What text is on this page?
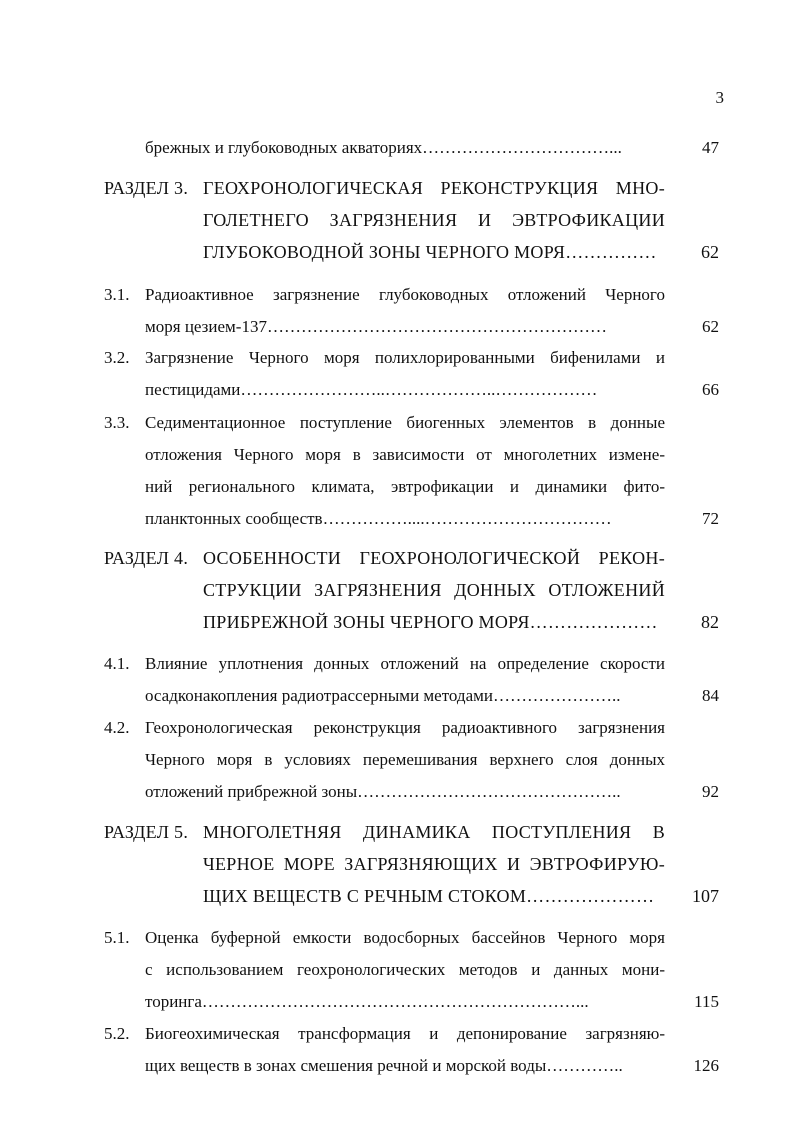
3
брежных и глубоководных акваториях……………………………...	47
РАЗДЕЛ 3. ГЕОХРОНОЛОГИЧЕСКАЯ РЕКОНСТРУКЦИЯ МНО-
ГОЛЕТНЕГО ЗАГРЯЗНЕНИЯ И ЭВТРОФИКАЦИИ
ГЛУБОКОВОДНОЙ ЗОНЫ ЧЕРНОГО МОРЯ…………… 62
3.1. Радиоактивное загрязнение глубоководных отложений Черного
моря цезием-137……………………………………………………	62
3.2. Загрязнение Черного моря полихлорированными бифенилами и
пестицидами……………………..………………..………………	66
3.3. Седиментационное поступление биогенных элементов в донные
отложения Черного моря в зависимости от многолетних измене-
ний регионального климата, эвтрофикации и динамики фито-
планктонных сообществ……………....……………………………	72
РАЗДЕЛ 4. ОСОБЕННОСТИ ГЕОХРОНОЛОГИЧЕСКОЙ РЕКОН-
СТРУКЦИИ ЗАГРЯЗНЕНИЯ ДОННЫХ ОТЛОЖЕНИЙ
ПРИБРЕЖНОЙ ЗОНЫ ЧЕРНОГО МОРЯ………………… 82
4.1. Влияние уплотнения донных отложений на определение скорости
осадконакопления радиотрассерными методами…………………..	84
4.2. Геохронологическая реконструкция радиоактивного загрязнения
Черного моря в условиях перемешивания верхнего слоя донных
отложений прибрежной зоны………………………………………..	92
РАЗДЕЛ 5. МНОГОЛЕТНЯЯ ДИНАМИКА ПОСТУПЛЕНИЯ В
ЧЕРНОЕ МОРЕ ЗАГРЯЗНЯЮЩИХ И ЭВТРОФИРУЮ-
ЩИХ ВЕЩЕСТВ С РЕЧНЫМ СТОКОМ………………… 107
5.1. Оценка буферной емкости водосборных бассейнов Черного моря
с использованием геохронологических методов и данных мони-
торинга…………………………………………………………...	115
5.2. Биогеохимическая трансформация и депонирование загрязняю-
щих веществ в зонах смешения речной и морской воды…………..	126
